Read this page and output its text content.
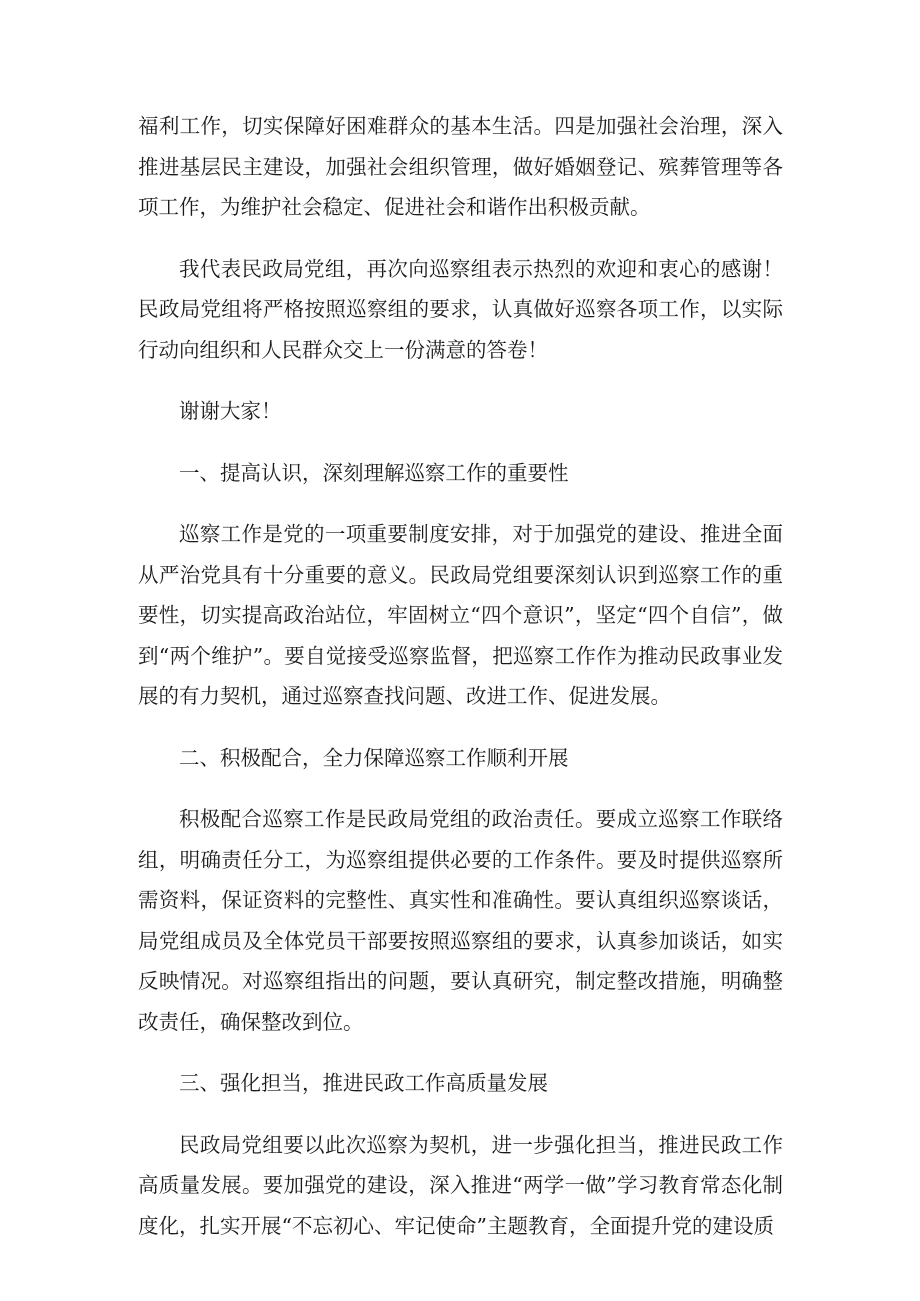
福利工作，切实保障好困难群众的基本生活。四是加强社会治理，深入推进基层民主建设，加强社会组织管理，做好婚姻登记、殡葬管理等各项工作，为维护社会稳定、促进社会和谐作出积极贡献。

我代表民政局党组，再次向巡察组表示热烈的欢迎和衷心的感谢！民政局党组将严格按照巡察组的要求，认真做好巡察各项工作，以实际行动向组织和人民群众交上一份满意的答卷！

谢谢大家！

一、提高认识，深刻理解巡察工作的重要性

巡察工作是党的一项重要制度安排，对于加强党的建设、推进全面从严治党具有十分重要的意义。民政局党组要深刻认识到巡察工作的重要性，切实提高政治站位，牢固树立“四个意识”，坚定“四个自信”，做到“两个维护”。要自觉接受巡察监督，把巡察工作作为推动民政事业发展的有力契机，通过巡察查找问题、改进工作、促进发展。

二、积极配合，全力保障巡察工作顺利开展

积极配合巡察工作是民政局党组的政治责任。要成立巡察工作联络组，明确责任分工，为巡察组提供必要的工作条件。要及时提供巡察所需资料，保证资料的完整性、真实性和准确性。要认真组织巡察谈话，局党组成员及全体党员干部要按照巡察组的要求，认真参加谈话，如实反映情况。对巡察组指出的问题，要认真研究，制定整改措施，明确整改责任，确保整改到位。

三、强化担当，推进民政工作高质量发展

民政局党组要以此次巡察为契机，进一步强化担当，推进民政工作高质量发展。要加强党的建设，深入推进“两学一做”学习教育常态化制度化，扎实开展“不忘初心、牢记使命”主题教育，全面提升党的建设质
